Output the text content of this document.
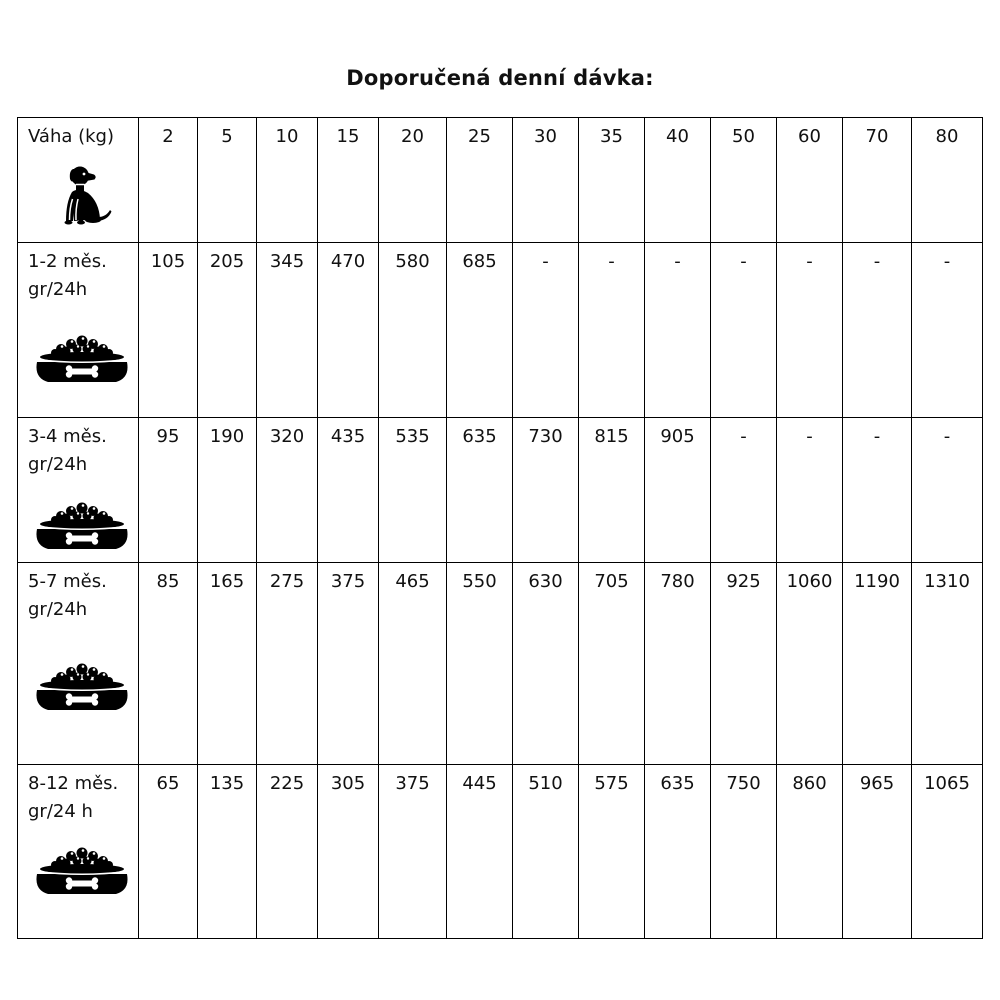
Doporučená denní dávka:
Váha (kg)	2	5	10	15	20	25	30	35	40	50	60	70	80

1-2 měs.
gr/24h	105	205	345	470	580	685	-	-	-	-	-	-	-

3-4 měs.
gr/24h	95	190	320	435	535	635	730	815	905	-	-	-	-

5-7 měs.
gr/24h	85	165	275	375	465	550	630	705	780	925	1060	1190	1310

8-12 měs.
gr/24 h	65	135	225	305	375	445	510	575	635	750	860	965	1065
